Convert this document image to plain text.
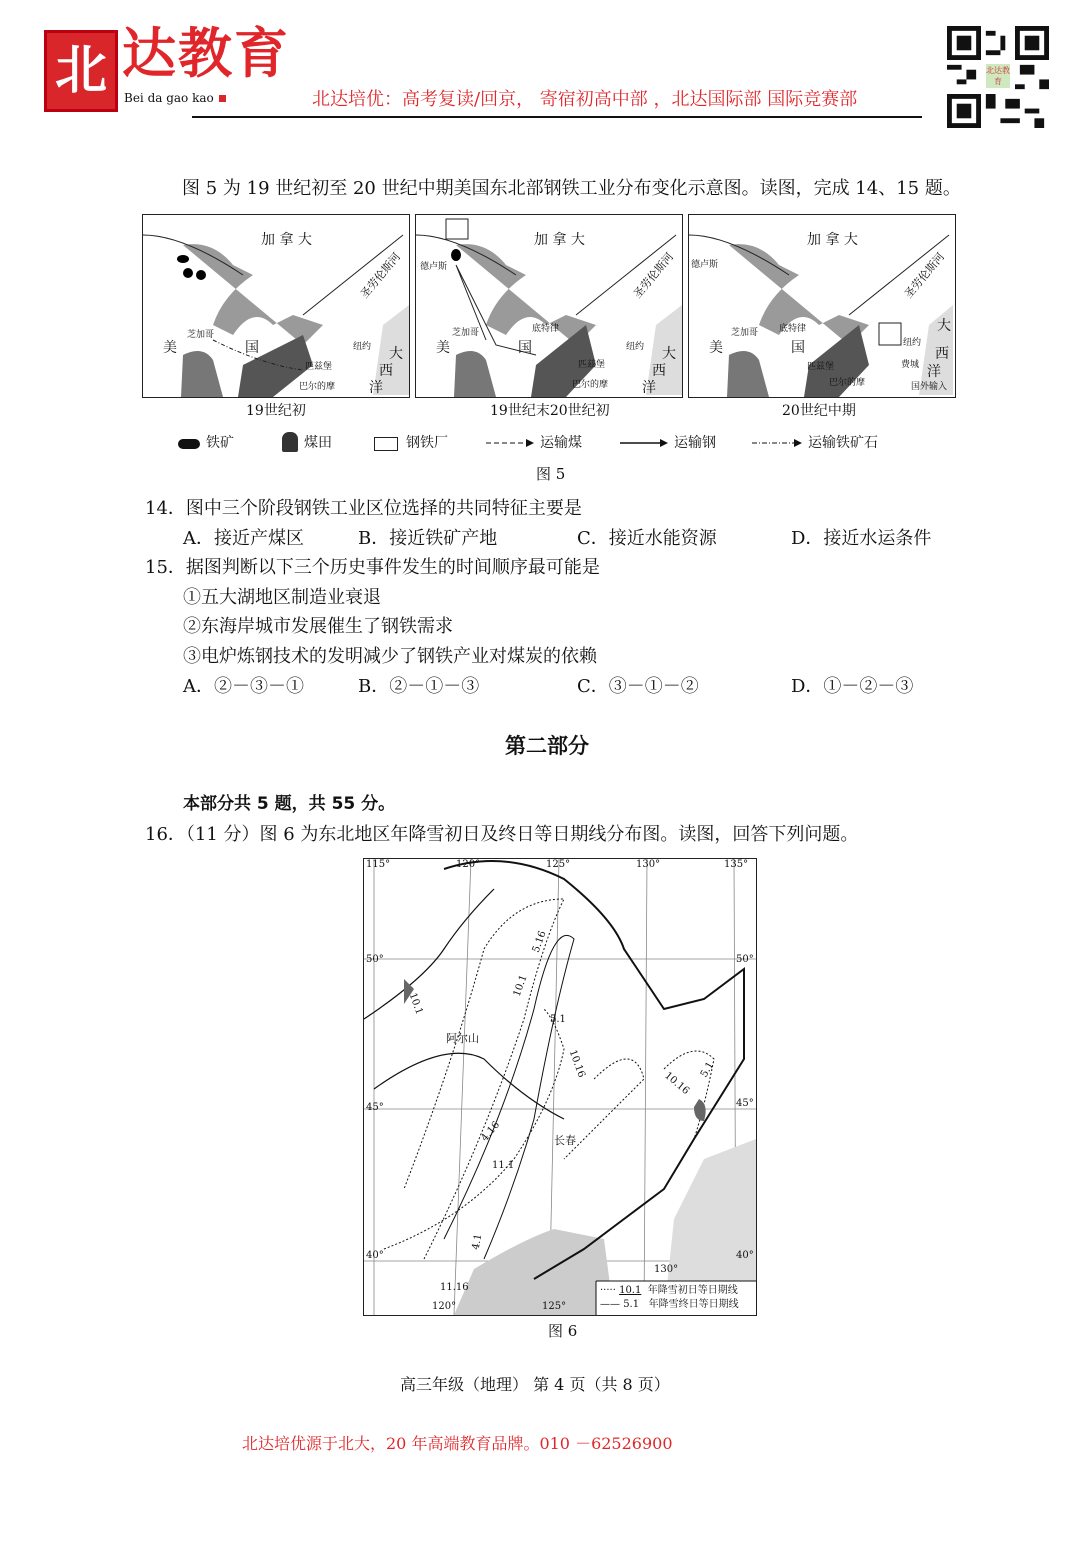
北 达教育
Bei da gao kao	北达培优：高考复读/回京， 寄宿初高中部 ，北达国际部 国际竞赛部
北达教育
图 5 为 19 世纪初至 20 世纪中期美国东北部钢铁工业分布变化示意图。读图，完成 14、15 题。
加 拿 大
圣劳伦斯河
美	国	大
西
洋
芝加哥
匹兹堡
纽约
巴尔的摩
加 拿 大
圣劳伦斯河
美	国	大
西
洋
德卢斯
芝加哥	底特律
匹兹堡
纽约
巴尔的摩
加 拿 大
圣劳伦斯河
美	国
大
西
洋
德卢斯
芝加哥 底特律
匹兹堡
纽约
费城
巴尔的摩	国外输入
19世纪初	19世纪末20世纪初	20世纪中期
铁矿	煤田	钢铁厂	运输煤	运输钢	运输铁矿石
图 5
14．图中三个阶段钢铁工业区位选择的共同特征主要是
A．接近产煤区	B．接近铁矿产地	C．接近水能资源	D．接近水运条件
15．据图判断以下三个历史事件发生的时间顺序最可能是
①五大湖地区制造业衰退
②东海岸城市发展催生了钢铁需求
③电炉炼钢技术的发明减少了钢铁产业对煤炭的依赖
A．②－③－①	B．②－①－③	C．③－①－②	D．①－②－③
第二部分
本部分共 5 题，共 55 分。
16．（11 分）图 6 为东北地区年降雪初日及终日等日期线分布图。读图，回答下列问题。
115°	120°	125°	130°	135°
50°
45°
40°
50°
45°
40°
120°	125°
130°
阿尔山
长春
5.16
10.1
5.1
10.16
4.16
11.1
11.16
4.1
10.1
10.16
5.1
····· 10.1 年降雪初日等日期线
—— 5.1 年降雪终日等日期线
图 6
高三年级（地理） 第 4 页（共 8 页）
北达培优源于北大，20 年高端教育品牌。010 －62526900
